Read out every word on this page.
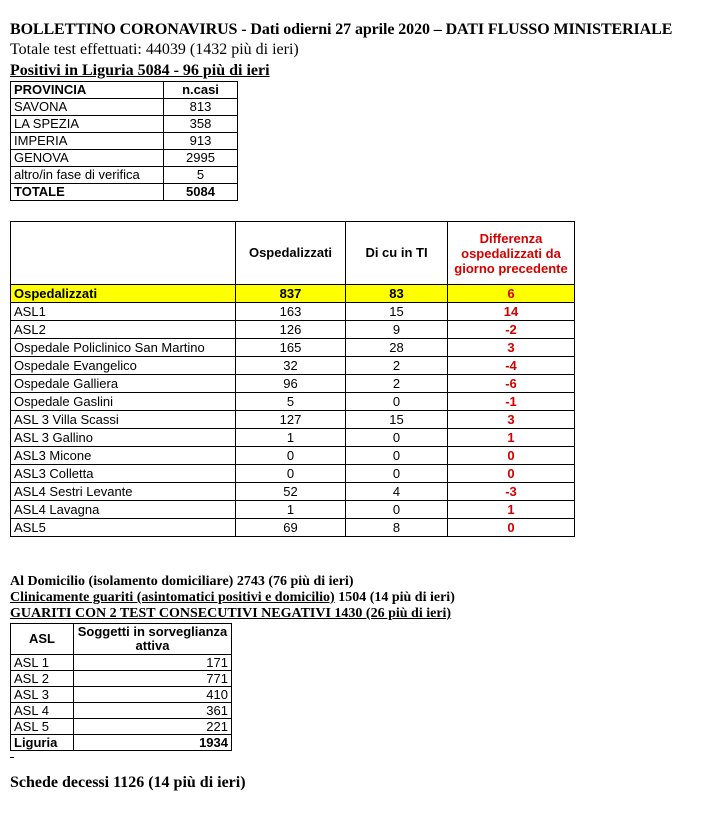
BOLLETTINO CORONAVIRUS - Dati odierni 27 aprile 2020 – DATI FLUSSO MINISTERIALE
Totale test effettuati: 44039 (1432 più di ieri)
Positivi in Liguria 5084 - 96 più di ieri
PROVINCIA	n.casi
SAVONA	813
LA SPEZIA	358
IMPERIA	913
GENOVA	2995
altro/in fase di verifica	5
TOTALE	5084
	Ospedalizzati	Di cu in TI	Differenza ospedalizzati da giorno precedente
Ospedalizzati	837	83	6
ASL1	163	15	14
ASL2	126	9	-2
Ospedale Policlinico San Martino	165	28	3
Ospedale Evangelico	32	2	-4
Ospedale Galliera	96	2	-6
Ospedale Gaslini	5	0	-1
ASL 3 Villa Scassi	127	15	3
ASL 3 Gallino	1	0	1
ASL3 Micone	0	0	0
ASL3 Colletta	0	0	0
ASL4 Sestri Levante	52	4	-3
ASL4 Lavagna	1	0	1
ASL5	69	8	0
Al Domicilio (isolamento domiciliare) 2743 (76 più di ieri)
Clinicamente guariti (asintomatici positivi e domicilio) 1504 (14 più di ieri)
GUARITI CON 2 TEST CONSECUTIVI NEGATIVI 1430 (26 più di ieri)
ASL	Soggetti in sorveglianza attiva
ASL 1	171
ASL 2	771
ASL 3	410
ASL 4	361
ASL 5	221
Liguria	1934
Schede decessi 1126 (14 più di ieri)
